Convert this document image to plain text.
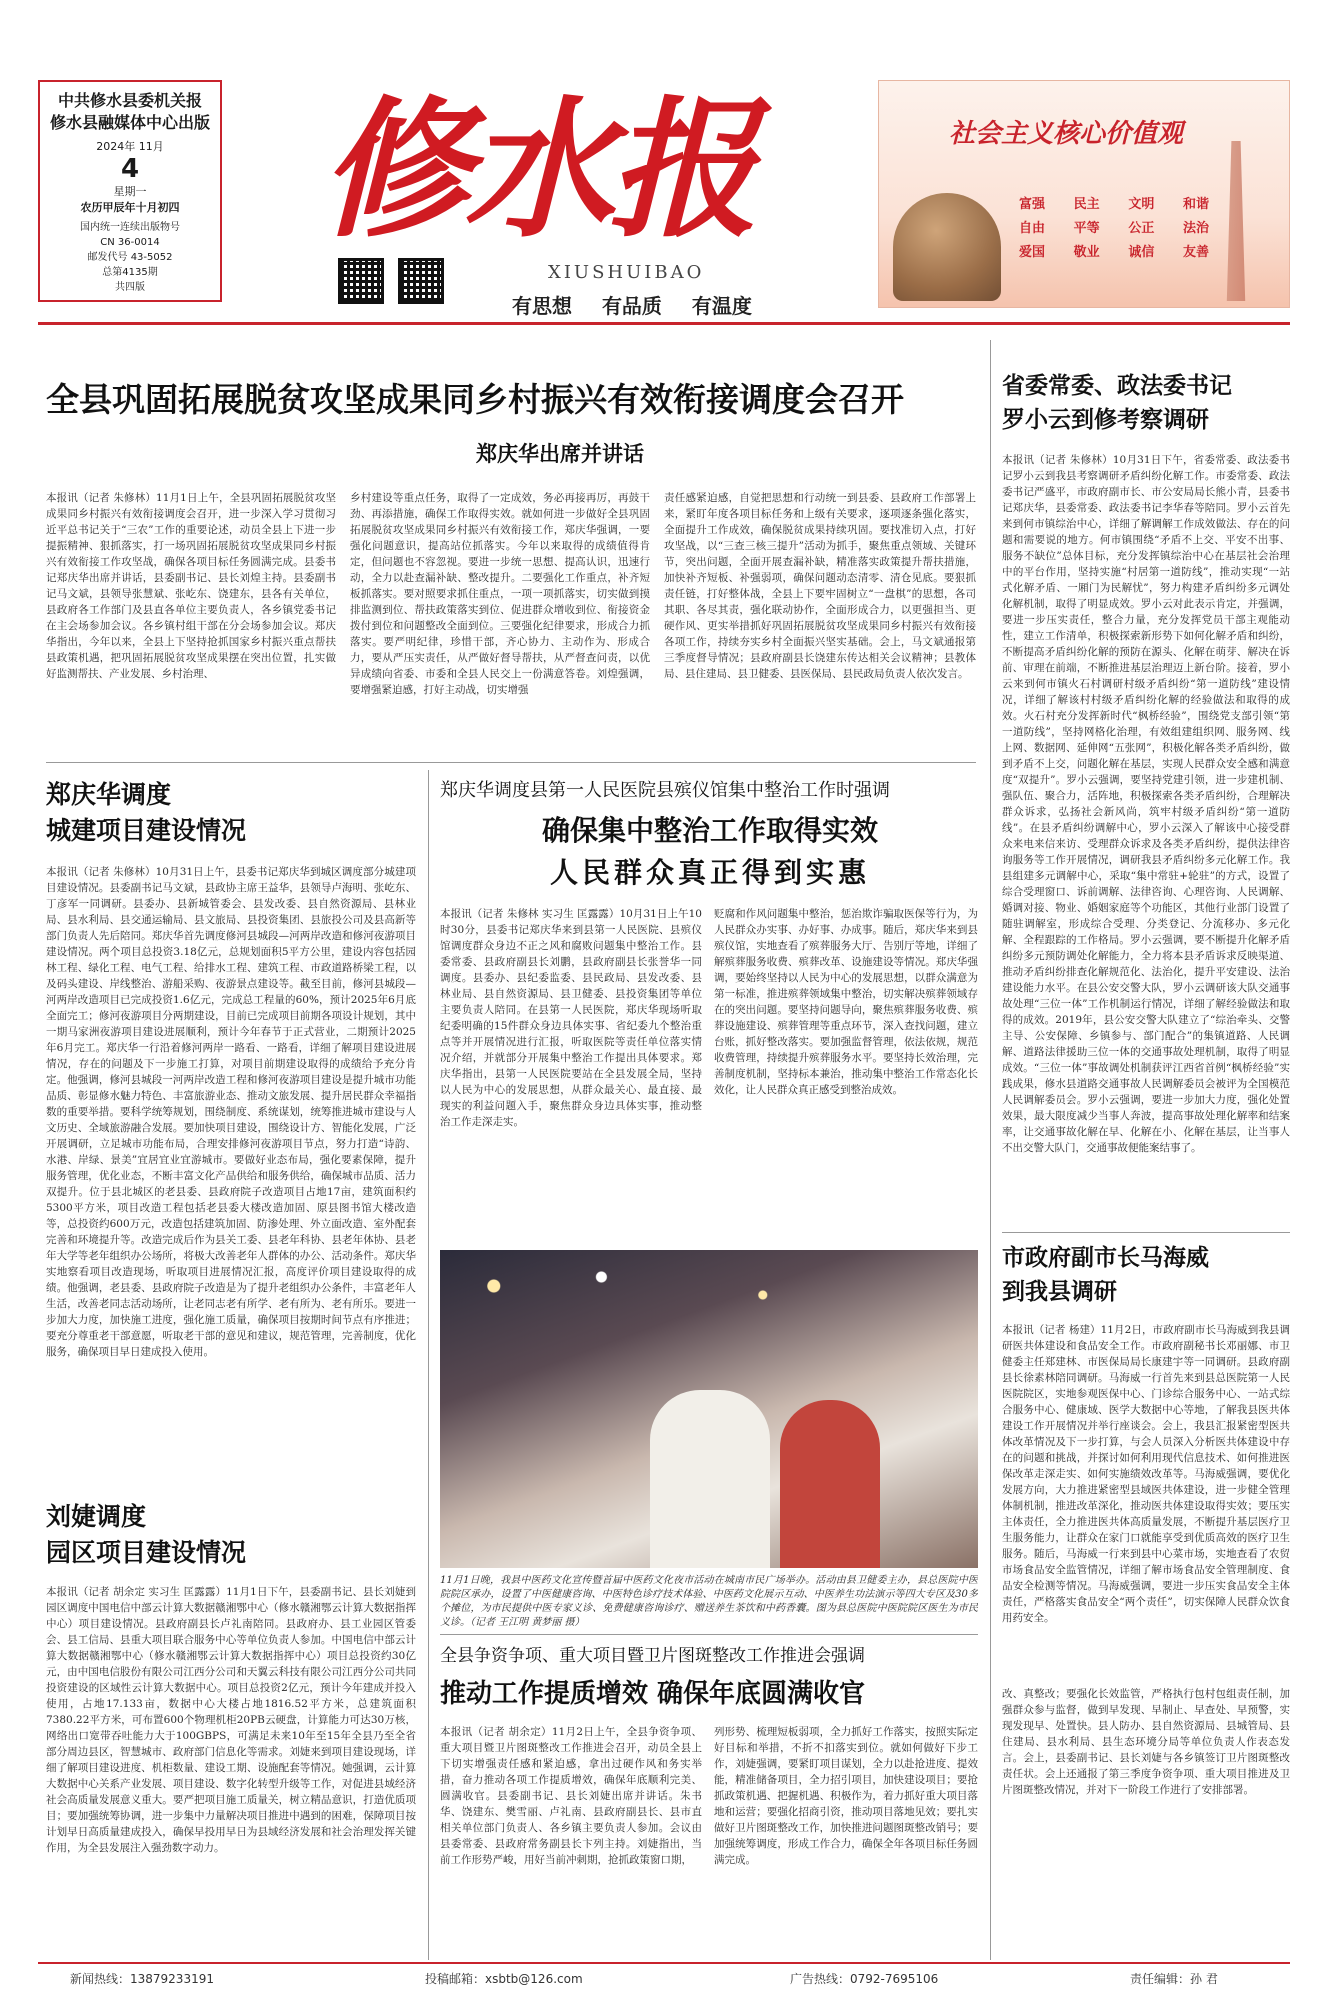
中共修水县委机关报
修水县融媒体中心出版
2024年 11月
4
星期一
农历甲辰年十月初四
国内统一连续出版物号
CN 36-0014
邮发代号 43-5052
总第4135期
共四版
修水报
XIUSHUIBAO
有思想 有品质 有温度
社会主义核心价值观
富强 民主 文明 和谐
自由 平等 公正 法治
爱国 敬业 诚信 友善
全县巩固拓展脱贫攻坚成果同乡村振兴有效衔接调度会召开
郑庆华出席并讲话
本报讯（记者 朱修林）11月1日上午，全县巩固拓展脱贫攻坚成果同乡村振兴有效衔接调度会召开，进一步深入学习贯彻习近平总书记关于“三农”工作的重要论述，动员全县上下进一步提振精神、狠抓落实，打一场巩固拓展脱贫攻坚成果同乡村振兴有效衔接工作攻坚战，确保各项目标任务圆满完成。县委书记郑庆华出席并讲话，县委副书记、县长刘煌主持。县委副书记马文斌，县领导张慧斌、张屹东、饶建东，县各有关单位，县政府各工作部门及县直各单位主要负责人，各乡镇党委书记在主会场参加会议。各乡镇村组干部在分会场参加会议。郑庆华指出，今年以来，全县上下坚持抢抓国家乡村振兴重点帮扶县政策机遇，把巩固拓展脱贫攻坚成果摆在突出位置，扎实做好监测帮扶、产业发展、乡村治理、
乡村建设等重点任务，取得了一定成效，务必再接再厉，再鼓干劲、再添措施，确保工作取得实效。就如何进一步做好全县巩固拓展脱贫攻坚成果同乡村振兴有效衔接工作，郑庆华强调，一要强化问题意识，提高站位抓落实。今年以来取得的成绩值得肯定，但问题也不容忽视。要进一步统一思想、提高认识，迅速行动，全力以赴查漏补缺、整改提升。二要强化工作重点，补齐短板抓落实。要对照要求抓住重点，一项一项抓落实，切实做到摸排监测到位、帮扶政策落实到位、促进群众增收到位、衔接资金拨付到位和问题整改全面到位。三要强化纪律要求，形成合力抓落实。要严明纪律，珍惜干部，齐心协力、主动作为、形成合力，要从严压实责任，从严做好督导帮扶，从严督查问责，以优异成绩向省委、市委和全县人民交上一份满意答卷。刘煌强调，要增强紧迫感，打好主动战，切实增强
责任感紧迫感，自觉把思想和行动统一到县委、县政府工作部署上来，紧盯年度各项目标任务和上级有关要求，逐项逐条强化落实，全面提升工作成效，确保脱贫成果持续巩固。要找准切入点，打好攻坚战，以“三查三核三提升”活动为抓手，聚焦重点领域、关键环节，突出问题，全面开展查漏补缺，精准落实政策提升帮扶措施，加快补齐短板、补强弱项，确保问题动态清零、清仓见底。要狠抓责任链，打好整体战，全县上下要牢固树立“一盘棋”的思想，各司其职、各尽其责，强化联动协作，全面形成合力，以更强担当、更硬作风、更实举措抓好巩固拓展脱贫攻坚成果同乡村振兴有效衔接各项工作，持续夯实乡村全面振兴坚实基础。会上，马文斌通报第三季度督导情况；县政府副县长饶建东传达相关会议精神；县教体局、县住建局、县卫健委、县医保局、县民政局负责人依次发言。
省委常委、政法委书记
罗小云到修考察调研
本报讯（记者 朱修林）10月31日下午，省委常委、政法委书记罗小云到我县考察调研矛盾纠纷化解工作。市委常委、政法委书记严盛平，市政府副市长、市公安局局长熊小青，县委书记郑庆华，县委常委、政法委书记李华春等陪同。罗小云首先来到何市镇综治中心，详细了解调解工作成效做法、存在的问题和需要说的地方。何市镇围绕“矛盾不上交、平安不出事、服务不缺位”总体目标，充分发挥镇综治中心在基层社会治理中的平台作用，坚持实施“村居第一道防线”，推动实现“一站式化解矛盾、一厢门为民解忧”，努力构建矛盾纠纷多元调处化解机制，取得了明显成效。罗小云对此表示肯定，并强调，要进一步压实责任，整合力量，充分发挥党员干部主观能动性，建立工作清单，积极探索新形势下如何化解矛盾和纠纷，不断提高矛盾纠纷化解的预防在源头、化解在萌芽、解决在诉前、审理在前端，不断推进基层治理迈上新台阶。接着，罗小云来到何市镇火石村调研村级矛盾纠纷“第一道防线”建设情况，详细了解该村村级矛盾纠纷化解的经验做法和取得的成效。火石村充分发挥新时代“枫桥经验”，围绕党支部引领“第一道防线”，坚持网格化治理，有效组建组织网、服务网、线上网、数据网、延伸网“五张网”，积极化解各类矛盾纠纷，做到矛盾不上交，问题化解在基层，实现人民群众安全感和满意度“双提升”。罗小云强调，要坚持党建引领，进一步建机制、强队伍、聚合力，活阵地，积极探索各类矛盾纠纷，合理解决群众诉求，弘扬社会新风尚，筑牢村级矛盾纠纷“第一道防线”。在县矛盾纠纷调解中心，罗小云深入了解该中心接受群众来电来信来访、受理群众诉求及各类矛盾纠纷，提供法律咨询服务等工作开展情况，调研我县矛盾纠纷多元化解工作。我县组建多元调解中心，采取“集中常驻+轮驻”的方式，设置了综合受理窗口、诉前调解、法律咨询、心理咨询、人民调解、婚调对接、物业、婚姻家庭等个功能区，其他行业部门设置了随驻调解室，形成综合受理、分类登记、分流移办、多元化解、全程跟踪的工作格局。罗小云强调，要不断提升化解矛盾纠纷多元预防调处化解能力，全力将本县矛盾诉求反映渠道、推动矛盾纠纷排查化解规范化、法治化，提升平安建设、法治建设能力水平。在县公安交警大队，罗小云调研该大队交通事故处理“三位一体”工作机制运行情况，详细了解经验做法和取得的成效。2019年，县公安交警大队建立了“综治牵头、交警主导、公安保障、乡镇参与、部门配合”的集镇道路、人民调解、道路法律援助三位一体的交通事故处理机制，取得了明显成效。“三位一体”事故调处机制获评江西省首例“枫桥经验”实践成果，修水县道路交通事故人民调解委员会被评为全国模范人民调解委员会。罗小云强调，要进一步加大力度，强化处置效果，最大限度减少当事人奔波，提高事故处理化解率和结案率，让交通事故化解在早、化解在小、化解在基层，让当事人不出交警大队门，交通事故便能案结事了。
郑庆华调度
城建项目建设情况
本报讯（记者 朱修林）10月31日上午，县委书记郑庆华到城区调度部分城建项目建设情况。县委副书记马文斌，县政协主席王益华，县领导卢海明、张屹东、丁彦军一同调研。县委办、县新城管委会、县发改委、县自然资源局、县林业局、县水利局、县交通运输局、县文旅局、县投资集团、县旅投公司及县高新等部门负责人先后陪同。郑庆华首先调度修河县城段—河两岸改造和修河夜游项目建设情况。两个项目总投资3.18亿元，总规划面积5平方公里，建设内容包括园林工程、绿化工程、电气工程、给排水工程、建筑工程、市政道路桥梁工程，以及码头建设、岸线整治、游船采购、夜游景点建设等。截至目前，修河县城段—河两岸改造项目已完成投资1.6亿元，完成总工程量的60%，预计2025年6月底全面完工；修河夜游项目分两期建设，目前已完成项目前期各项设计规划，其中一期马家洲夜游项目建设进展顺利，预计今年春节于正式营业，二期预计2025年6月完工。郑庆华一行沿着修河两岸一路看、一路看，详细了解项目建设进展情况，存在的问题及下一步施工打算，对项目前期建设取得的成绩给予充分肯定。他强调，修河县城段一河两岸改造工程和修河夜游项目建设是提升城市功能品质、彰显修水魅力特色、丰富旅游业态、推动文旅发展、提升居民群众幸福指数的重要举措。要科学统筹规划，围绕制度、系统谋划，统筹推进城市建设与人文历史、全域旅游融合发展。要加快项目建设，围绕设计方、智能化发展，广泛开展调研，立足城市功能布局，合理安排修河夜游项目节点，努力打造“诗韵、水港、岸绿、景美”宜居宜业宜游城市。要做好业态布局，强化要素保障，提升服务管理，优化业态，不断丰富文化产品供给和服务供给，确保城市品质、活力双提升。位于县北城区的老县委、县政府院子改造项目占地17亩，建筑面积约5300平方米，项目改造工程包括老县委大楼改造加固、原县图书馆大楼改造等，总投资约600万元，改造包括建筑加固、防渗处理、外立面改造、室外配套完善和环境提升等。改造完成后作为县关工委、县老年科协、县老年体协、县老年大学等老年组织办公场所，将极大改善老年人群体的办公、活动条件。郑庆华实地察看项目改造现场，听取项目进展情况汇报，高度评价项目建设取得的成绩。他强调，老县委、县政府院子改造是为了提升老组织办公条件，丰富老年人生活，改善老同志活动场所，让老同志老有所学、老有所为、老有所乐。要进一步加大力度，加快施工进度，强化施工质量，确保项目按期时间节点有序推进；要充分尊重老干部意愿，听取老干部的意见和建议，规范管理，完善制度，优化服务，确保项目早日建成投入使用。
刘婕调度
园区项目建设情况
本报讯（记者 胡余定 实习生 匡露露）11月1日下午，县委副书记、县长刘婕到园区调度中国电信中部云计算大数据赣湘鄂中心（修水赣湘鄂云计算大数据指挥中心）项目建设情况。县政府副县长卢礼南陪同。县政府办、县工业园区管委会、县工信局、县重大项目联合服务中心等单位负责人参加。中国电信中部云计算大数据赣湘鄂中心（修水赣湘鄂云计算大数据指挥中心）项目总投资约30亿元，由中国电信股份有限公司江西分公司和天翼云科技有限公司江西分公司共同投资建设的区域性云计算大数据中心。项目总投资2亿元，预计今年建成并投入使用，占地17.133亩，数据中心大楼占地1816.52平方米，总建筑面积7380.22平方米，可布置600个物理机柜20PB云硬盘，计算能力可达30万核，网络出口宽带吞吐能力大于100GBPS，可满足未来10年至15年全县乃至全省部分周边县区，智慧城市、政府部门信息化等需求。刘婕来到项目建设现场，详细了解项目建设进度、机柜数量、建设工期、设施配套等情况。她强调，云计算大数据中心关系产业发展、项目建设、数字化转型升级等工作，对促进县域经济社会高质量发展意义重大。要严把项目施工质量关，树立精品意识，打造优质项目；要加强统筹协调，进一步集中力量解决项目推进中遇到的困难，保障项目按计划早日高质量建成投入，确保早投用早日为县域经济发展和社会治理发挥关键作用，为全县发展注入强劲数字动力。
郑庆华调度县第一人民医院县殡仪馆集中整治工作时强调
确保集中整治工作取得实效
人民群众真正得到实惠
本报讯（记者 朱修林 实习生 匡露露）10月31日上午10时30分，县委书记郑庆华来到县第一人民医院、县殡仪馆调度群众身边不正之风和腐败问题集中整治工作。县委常委、县政府副县长刘鹏，县政府副县长张誉华一同调度。县委办、县纪委监委、县民政局、县发改委、县林业局、县自然资源局、县卫健委、县投资集团等单位主要负责人陪同。在县第一人民医院，郑庆华现场听取纪委明确的15件群众身边具体实事、省纪委九个整治重点等并开展情况进行汇报，听取医院等责任单位落实情况介绍，并就部分开展集中整治工作提出具体要求。郑庆华指出，县第一人民医院要站在全县发展全局，坚持以人民为中心的发展思想，从群众最关心、最直接、最现实的利益问题入手，聚焦群众身边具体实事，推动整治工作走深走实。
贬腐和作风问题集中整治，惩治欺诈骗取医保等行为，为人民群众办实事、办好事、办成事。随后，郑庆华来到县殡仪馆，实地查看了殡葬服务大厅、告别厅等地，详细了解殡葬服务收费、殡葬改革、设施建设等情况。郑庆华强调，要始终坚持以人民为中心的发展思想，以群众满意为第一标准，推进殡葬领域集中整治，切实解决殡葬领域存在的突出问题。要坚持问题导向，聚焦殡葬服务收费、殡葬设施建设、殡葬管理等重点环节，深入查找问题，建立台账，抓好整改落实。要加强监督管理，依法依规，规范收费管理，持续提升殡葬服务水平。要坚持长效治理，完善制度机制，坚持标本兼治，推动集中整治工作常态化长效化，让人民群众真正感受到整治成效。
11月1日晚，我县中医药文化宣传暨首届中医药文化夜市活动在城南市民广场举办。活动由县卫健委主办，县总医院中医院院区承办，设置了中医健康咨询、中医特色诊疗技术体验、中医药文化展示互动、中医养生功法演示等四大专区及30多个摊位，为市民提供中医专家义诊、免费健康咨询诊疗、赠送养生茶饮和中药香囊。图为县总医院中医院院区医生为市民义诊。（记者 王江明 黄梦丽 摄）
全县争资争项、重大项目暨卫片图斑整改工作推进会强调
推动工作提质增效 确保年底圆满收官
本报讯（记者 胡余定）11月2日上午，全县争资争项、重大项目暨卫片图斑整改工作推进会召开，动员全县上下切实增强责任感和紧迫感，拿出过硬作风和务实举措，奋力推动各项工作提质增效，确保年底顺利完美、圆满收官。县委副书记、县长刘婕出席并讲话。朱书华、饶建东、樊雪丽、卢礼南、县政府副县长、县市直相关单位部门负责人、各乡镇主要负责人参加。会议由县委常委、县政府常务副县长卞列主持。刘婕指出，当前工作形势严峻，用好当前冲刺期，抢抓政策窗口期，
列形势、梳理短板弱项，全力抓好工作落实，按照实际定好目标和举措，不折不扣落实到位。就如何做好下步工作，刘婕强调，要紧盯项目谋划，全力以赴抢进度、提效能，精准储备项目，全力招引项目，加快建设项目；要抢抓政策机遇、把握机遇、积极作为，着力抓好重大项目落地和运营；要强化招商引资，推动项目落地见效；要扎实做好卫片图斑整改工作，加快推进问题图斑整改销号；要加强统筹调度，形成工作合力，确保全年各项目标任务圆满完成。
市政府副市长马海威
到我县调研
本报讯（记者 杨建）11月2日，市政府副市长马海威到我县调研医共体建设和食品安全工作。市政府副秘书长邓丽娜、市卫健委主任郑建林、市医保局局长康建宇等一同调研。县政府副县长徐素林陪同调研。马海威一行首先来到县总医院第一人民医院院区，实地参观医保中心、门诊综合服务中心、一站式综合服务中心、健康域、医学大数据中心等地，了解我县医共体建设工作开展情况并举行座谈会。会上，我县汇报紧密型医共体改革情况及下一步打算，与会人员深入分析医共体建设中存在的问题和挑战，并探讨如何利用现代信息技术、如何推进医保改革走深走实、如何实施绩效改革等。马海威强调，要优化发展方向，大力推进紧密型县域医共体建设，进一步健全管理体制机制，推进改革深化，推动医共体建设取得实效；要压实主体责任，全力推进医共体高质量发展，不断提升基层医疗卫生服务能力，让群众在家门口就能享受到优质高效的医疗卫生服务。随后，马海威一行来到县中心菜市场，实地查看了农贸市场食品安全监管情况，详细了解市场食品安全管理制度、食品安全检测等情况。马海威强调，要进一步压实食品安全主体责任，严格落实食品安全“两个责任”，切实保障人民群众饮食用药安全。
改、真整改；要强化长效监管，严格执行包村包组责任制，加强群众参与监督，做到早发现、早制止、早查处、早预警，实现发现早、处置快。县人防办、县自然资源局、县城管局、县住建局、县水利局、县生态环境分局等单位负责人作表态发言。会上，县委副书记、县长刘婕与各乡镇签订卫片图斑整改责任状。会上还通报了第三季度争资争项、重大项目推进及卫片图斑整改情况，并对下一阶段工作进行了安排部署。
新闻热线：13879233191	投稿邮箱：xsbtb@126.com	广告热线：0792-7695106	责任编辑：孙 君
